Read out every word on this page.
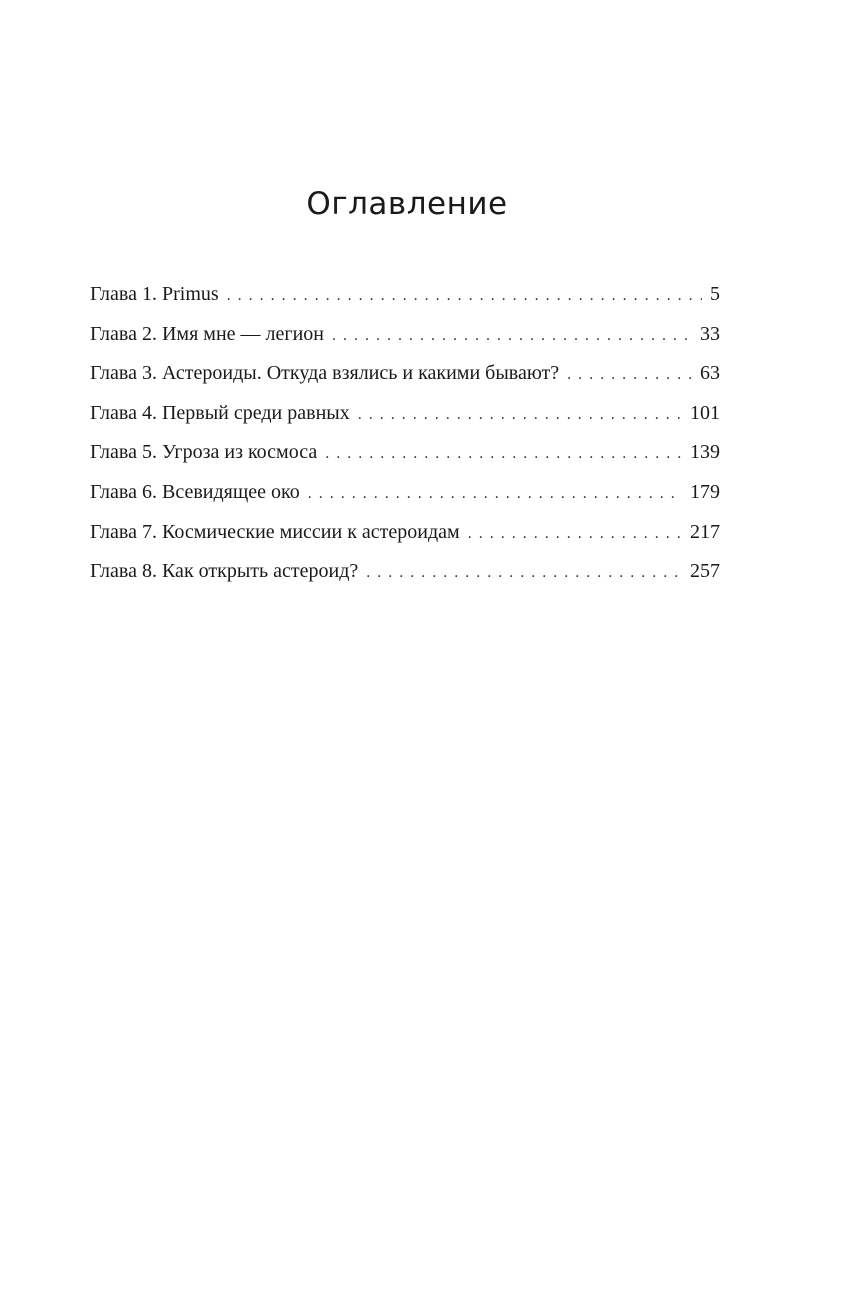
Оглавление
Глава 1. Primus . . .	5
Глава 2. Имя мне — легион . . .	33
Глава 3. Астероиды. Откуда взялись и какими бывают? . . .	63
Глава 4. Первый среди равных . . .	101
Глава 5. Угроза из космоса . . .	139
Глава 6. Всевидящее око . . .	179
Глава 7. Космические миссии к астероидам . . .	217
Глава 8. Как открыть астероид? . . .	257
